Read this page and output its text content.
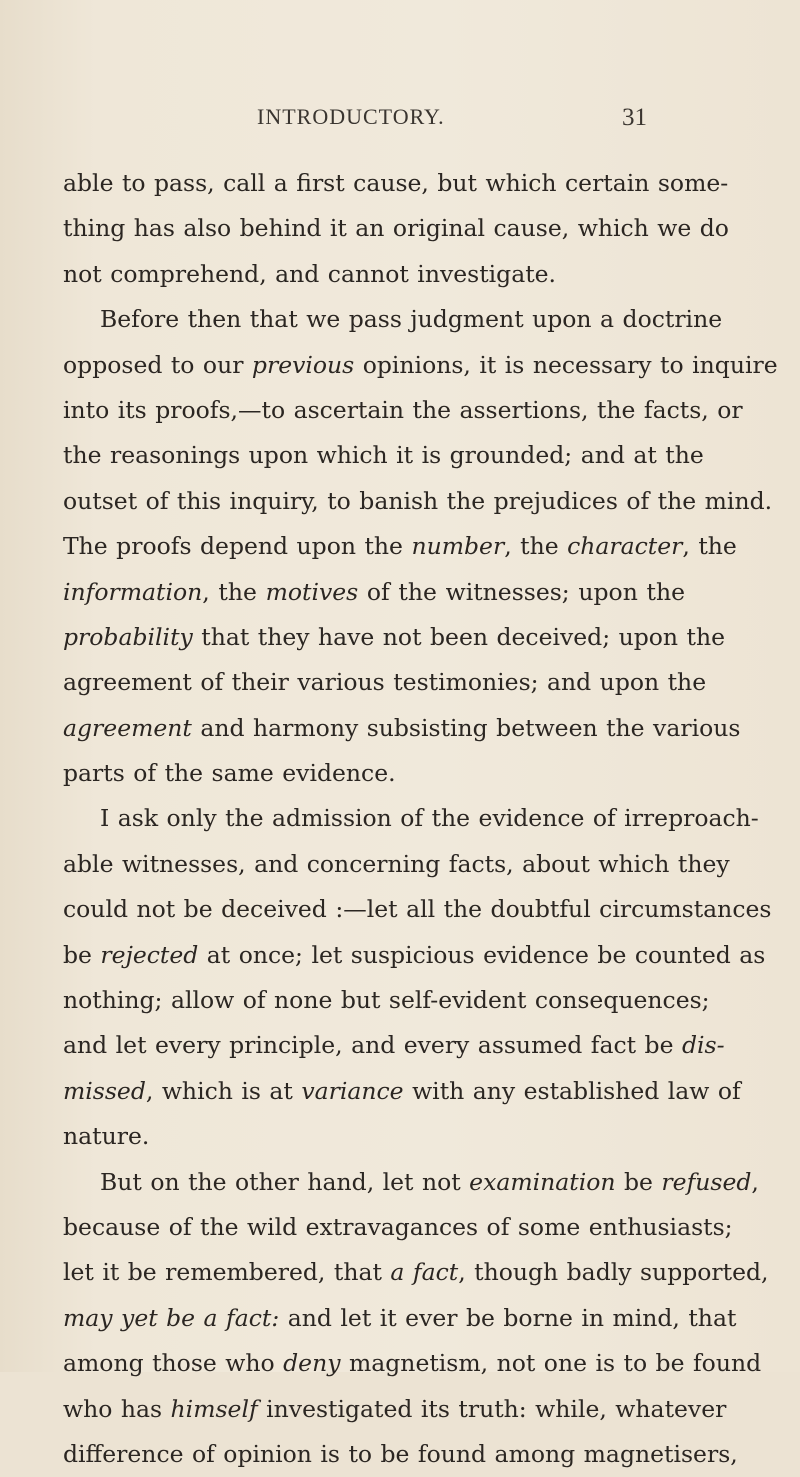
INTRODUCTORY.	31
able to pass, call a first cause, but which certain some-
thing has also behind it an original cause, which we do
not comprehend, and cannot investigate.
Before then that we pass judgment upon a doctrine
opposed to our previous opinions, it is necessary to inquire
into its proofs,—to ascertain the assertions, the facts, or
the reasonings upon which it is grounded; and at the
outset of this inquiry, to banish the prejudices of the mind.
The proofs depend upon the number, the character, the
information, the motives of the witnesses; upon the
probability that they have not been deceived; upon the
agreement of their various testimonies; and upon the
agreement and harmony subsisting between the various
parts of the same evidence.
I ask only the admission of the evidence of irreproach-
able witnesses, and concerning facts, about which they
could not be deceived :—let all the doubtful circumstances
be rejected at once; let suspicious evidence be counted as
nothing; allow of none but self-evident consequences;
and let every principle, and every assumed fact be dis-
missed, which is at variance with any established law of
nature.
But on the other hand, let not examination be refused,
because of the wild extravagances of some enthusiasts;
let it be remembered, that a fact, though badly supported,
may yet be a fact: and let it ever be borne in mind, that
among those who deny magnetism, not one is to be found
who has himself investigated its truth: while, whatever
difference of opinion is to be found among magnetisers,
